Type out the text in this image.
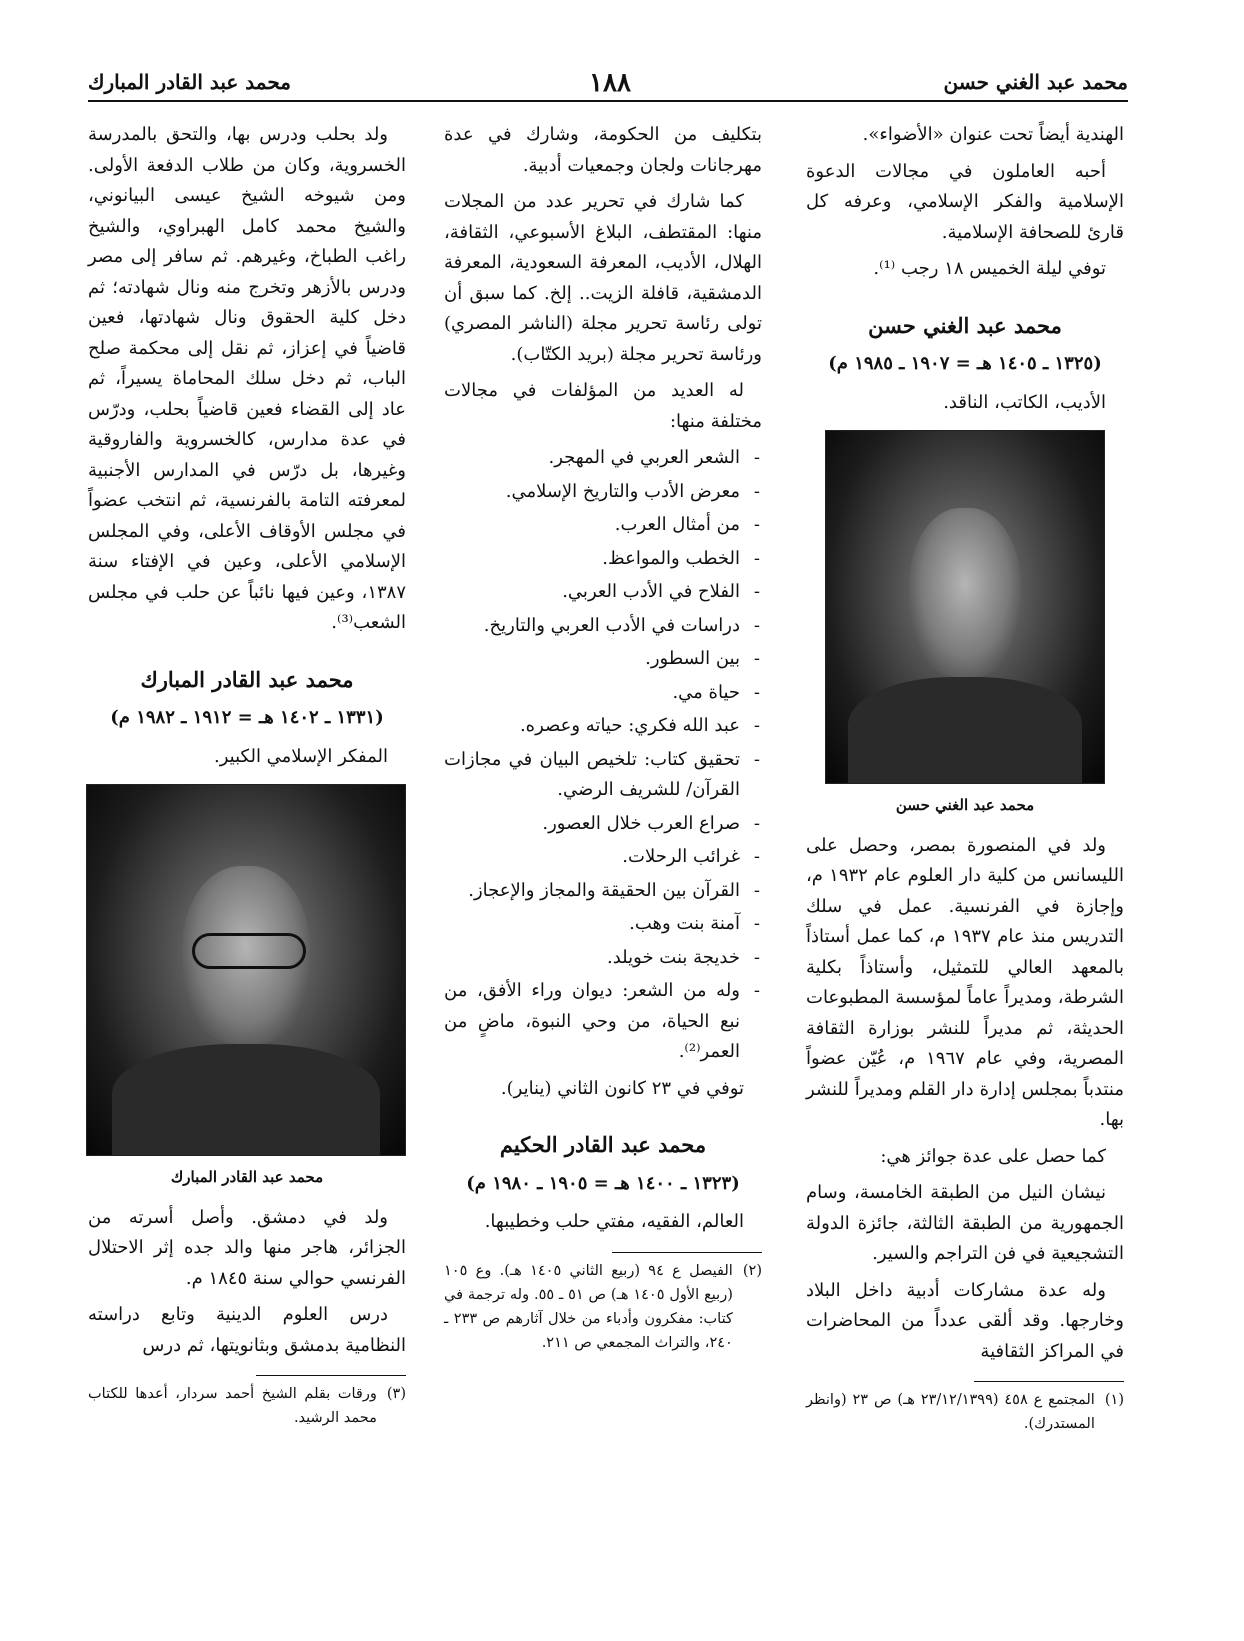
محمد عبد الغني حسن
محمد عبد القادر المبارك	١٨٨

الهندية أيضاً تحت عنوان «الأضواء».

أحبه العاملون في مجالات الدعوة الإسلامية والفكر الإسلامي، وعرفه كل قارئ للصحافة الإسلامية.

توفي ليلة الخميس ١٨ رجب ⁽¹⁾.

محمد عبد الغني حسن
(١٣٢٥ ـ ١٤٠٥ هـ = ١٩٠٧ ـ ١٩٨٥ م)
الأديب، الكاتب، الناقد.
محمد عبد الغني حسن

ولد في المنصورة بمصر، وحصل على الليسانس من كلية دار العلوم عام ١٩٣٢ م، وإجازة في الفرنسية. عمل في سلك التدريس منذ عام ١٩٣٧ م، كما عمل أستاذاً بالمعهد العالي للتمثيل، وأستاذاً بكلية الشرطة، ومديراً عاماً لمؤسسة المطبوعات الحديثة، ثم مديراً للنشر بوزارة الثقافة المصرية، وفي عام ١٩٦٧ م، عُيّن عضواً منتدباً بمجلس إدارة دار القلم ومديراً للنشر بها.

كما حصل على عدة جوائز هي:

نيشان النيل من الطبقة الخامسة، وسام الجمهورية من الطبقة الثالثة، جائزة الدولة التشجيعية في فن التراجم والسير.

وله عدة مشاركات أدبية داخل البلاد وخارجها. وقد ألقى عدداً من المحاضرات في المراكز الثقافية

(١)
المجتمع ع ٤٥٨ (٢٣/١٢/١٣٩٩ هـ) ص ٢٣ (وانظر المستدرك).

بتكليف من الحكومة، وشارك في عدة مهرجانات ولجان وجمعيات أدبية.

كما شارك في تحرير عدد من المجلات منها: المقتطف، البلاغ الأسبوعي، الثقافة، الهلال، الأديب، المعرفة السعودية، المعرفة الدمشقية، قافلة الزيت.. إلخ. كما سبق أن تولى رئاسة تحرير مجلة (الناشر المصري) ورئاسة تحرير مجلة (بريد الكتّاب).

له العديد من المؤلفات في مجالات مختلفة منها:

- الشعر العربي في المهجر.
- معرض الأدب والتاريخ الإسلامي.
- من أمثال العرب.
- الخطب والمواعظ.
- الفلاح في الأدب العربي.
- دراسات في الأدب العربي والتاريخ.
- بين السطور.
- حياة مي.
- عبد الله فكري: حياته وعصره.
- تحقيق كتاب: تلخيص البيان في مجازات القرآن/ للشريف الرضي.
- صراع العرب خلال العصور.
- غرائب الرحلات.
- القرآن بين الحقيقة والمجاز والإعجاز.
- آمنة بنت وهب.
- خديجة بنت خويلد.
- وله من الشعر: ديوان وراء الأفق، من نبع الحياة، من وحي النبوة، ماضٍ من العمر⁽²⁾.

توفي في ٢٣ كانون الثاني (يناير).

محمد عبد القادر الحكيم
(١٣٢٣ ـ ١٤٠٠ هـ = ١٩٠٥ ـ ١٩٨٠ م)
العالم، الفقيه، مفتي حلب وخطيبها.
(٢)
الفيصل ع ٩٤ (ربيع الثاني ١٤٠٥ هـ). وع ١٠٥ (ربيع الأول ١٤٠٥ هـ) ص ٥١ ـ ٥٥. وله ترجمة في كتاب: مفكرون وأدباء من خلال آثارهم ص ٢٣٣ ـ ٢٤٠، والتراث المجمعي ص ٢١١.

ولد بحلب ودرس بها، والتحق بالمدرسة الخسروية، وكان من طلاب الدفعة الأولى. ومن شيوخه الشيخ عيسى البيانوني، والشيخ محمد كامل الهبراوي، والشيخ راغب الطباخ، وغيرهم. ثم سافر إلى مصر ودرس بالأزهر وتخرج منه ونال شهادته؛ ثم دخل كلية الحقوق ونال شهادتها، فعين قاضياً في إعزاز، ثم نقل إلى محكمة صلح الباب، ثم دخل سلك المحاماة يسيراً، ثم عاد إلى القضاء فعين قاضياً بحلب، ودرّس في عدة مدارس، كالخسروية والفاروقية وغيرها، بل درّس في المدارس الأجنبية لمعرفته التامة بالفرنسية، ثم انتخب عضواً في مجلس الأوقاف الأعلى، وفي المجلس الإسلامي الأعلى، وعين في الإفتاء سنة ١٣٨٧، وعين فيها نائباً عن حلب في مجلس الشعب⁽³⁾.

محمد عبد القادر المبارك
(١٣٣١ ـ ١٤٠٢ هـ = ١٩١٢ ـ ١٩٨٢ م)
المفكر الإسلامي الكبير.
محمد عبد القادر المبارك

ولد في دمشق. وأصل أسرته من الجزائر، هاجر منها والد جده إثر الاحتلال الفرنسي حوالي سنة ١٨٤٥ م.

درس العلوم الدينية وتابع دراسته النظامية بدمشق وبثانويتها، ثم درس

(٣)
ورقات بقلم الشيخ أحمد سردار، أعدها للكتاب محمد الرشيد.
